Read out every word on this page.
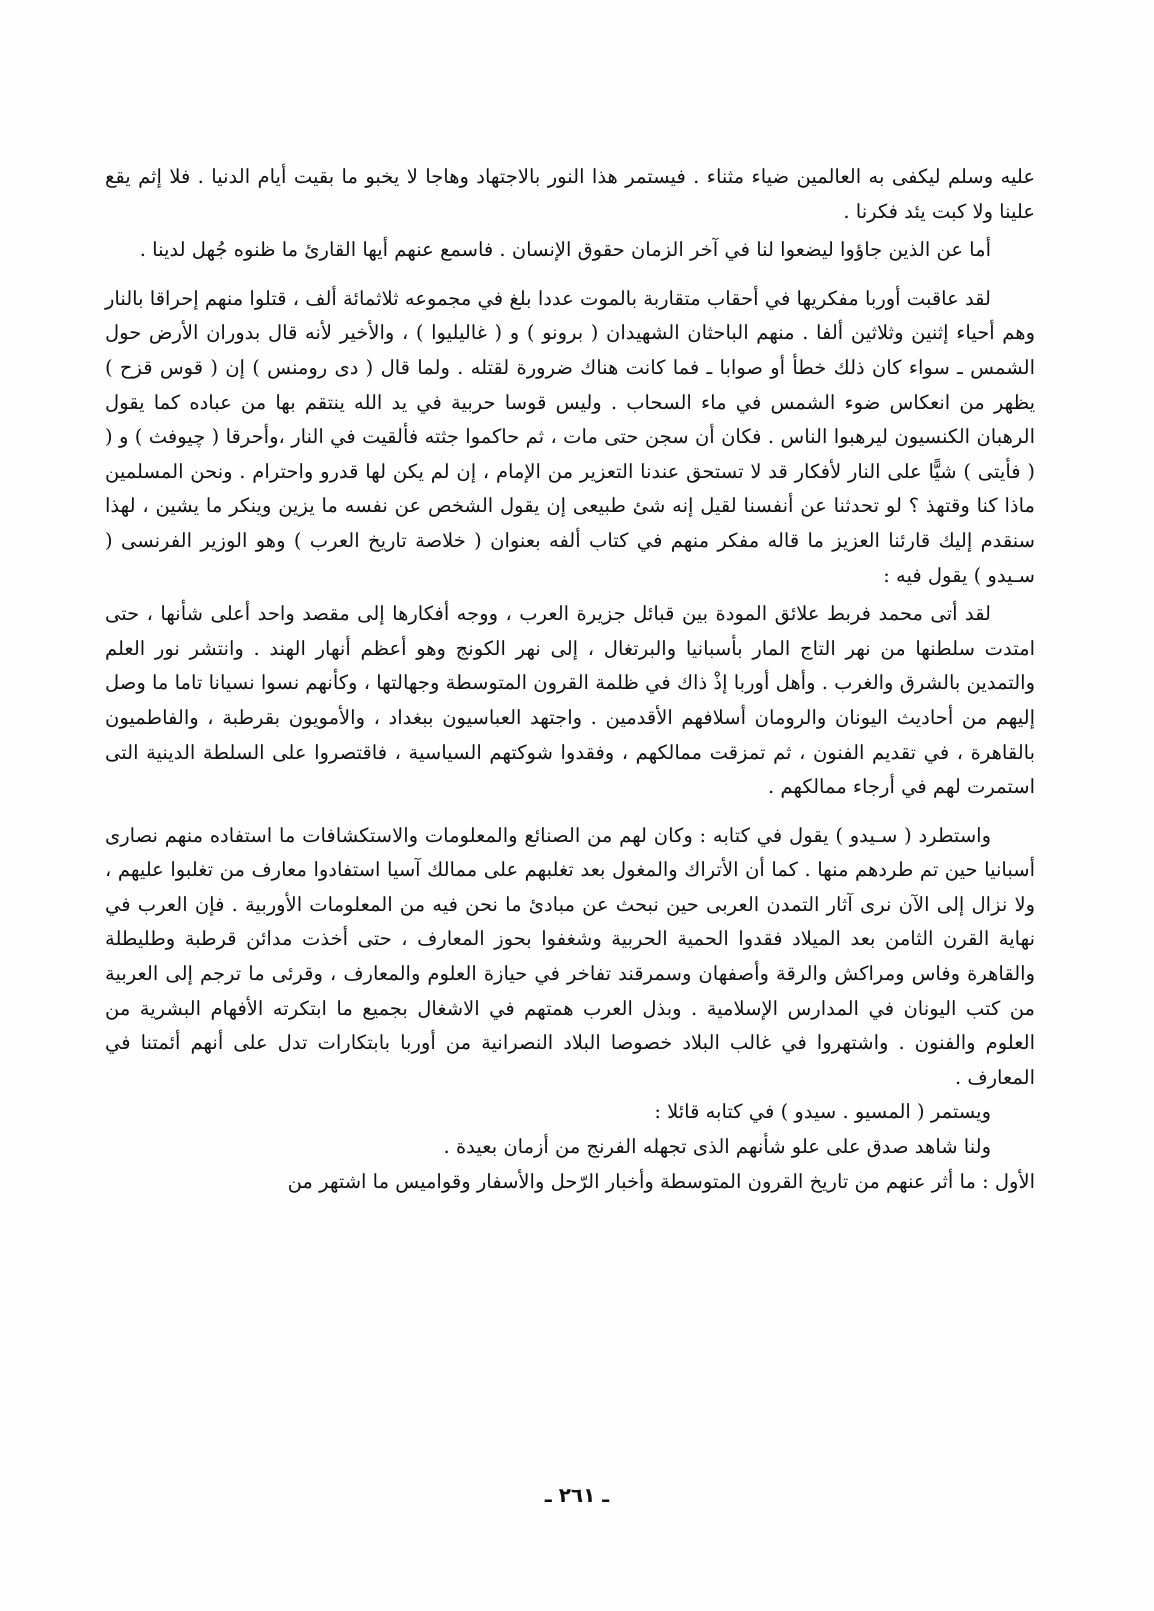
عليه وسلم ليكفى به العالمين ضياء مثناء . فيستمر هذا النور بالاجتهاد وهاجا لا يخبو ما بقيت أيام الدنيا . فلا إثم يقع علينا ولا كبت يئد فكرنا .

أما عن الذين جاؤوا ليضعوا لنا في آخر الزمان حقوق الإنسان . فاسمع عنهم أيها القارئ ما ظنوه جُهل لدينا .

لقد عاقبت أوربا مفكريها في أحقاب متقاربة بالموت عددا بلغ في مجموعه ثلاثمائة ألف ، قتلوا منهم إحراقا بالنار وهم أحياء إثنين وثلاثين ألفا . منهم الباحثان الشهيدان ( برونو ) و ( غاليليوا ) ، والأخير لأنه قال بدوران الأرض حول الشمس ـ سواء كان ذلك خطأ أو صوابا ـ فما كانت هناك ضرورة لقتله . ولما قال ( دى رومنس ) إن ( قوس قزح ) يظهر من انعكاس ضوء الشمس في ماء السحاب . وليس قوسا حربية في يد الله ينتقم بها من عباده كما يقول الرهبان الكنسيون ليرهبوا الناس . فكان أن سجن حتى مات ، ثم حاكموا جثته فألقيت في النار ،وأحرقا ( چيوفث ) و ( ( فأيتى ) شيًّا على النار لأفكار قد لا تستحق عندنا التعزير من الإمام ، إن لم يكن لها قدرو واحترام . ونحن المسلمين ماذا كنا وقتهذ ؟ لو تحدثنا عن أنفسنا لقيل إنه شئ طبيعى إن يقول الشخص عن نفسه ما يزين وينكر ما يشين ، لهذا سنقدم إليك قارئنا العزيز ما قاله مفكر منهم في كتاب ألفه بعنوان ( خلاصة تاريخ العرب ) وهو الوزير الفرنسى ( سـيدو ) يقول فيه :

لقد أتى محمد فربط علائق المودة بين قبائل جزيرة العرب ، ووجه أفكارها إلى مقصد واحد أعلى شأنها ، حتى امتدت سلطنها من نهر التاج المار بأسبانيا والبرتغال ، إلى نهر الكونج وهو أعظم أنهار الهند . وانتشر نور العلم والتمدين بالشرق والغرب . وأهل أوربا إذْ ذاك في ظلمة القرون المتوسطة وجهالتها ، وكأنهم نسوا نسيانا تاما ما وصل إليهم من أحاديث اليونان والرومان أسلافهم الأقدمين . واجتهد العباسيون ببغداد ، والأمويون بقرطبة ، والفاطميون بالقاهرة ، في تقديم الفنون ، ثم تمزقت ممالكهم ، وفقدوا شوكتهم السياسية ، فاقتصروا على السلطة الدينية التى استمرت لهم في أرجاء ممالكهم .

واستطرد ( سـيدو ) يقول في كتابه : وكان لهم من الصنائع والمعلومات والاستكشافات ما استفاده منهم نصارى أسبانيا حين تم طردهم منها . كما أن الأتراك والمغول بعد تغلبهم على ممالك آسيا استفادوا معارف من تغلبوا عليهم ، ولا نزال إلى الآن نرى آثار التمدن العربى حين نبحث عن مبادئ ما نحن فيه من المعلومات الأوربية . فإن العرب في نهاية القرن الثامن بعد الميلاد فقدوا الحمية الحربية وشغفوا بحوز المعارف ، حتى أخذت مدائن قرطبة وطليطلة والقاهرة وفاس ومراكش والرقة وأصفهان وسمرقند تفاخر في حيازة العلوم والمعارف ، وقرئى ما ترجم إلى العربية من كتب اليونان في المدارس الإسلامية . وبذل العرب همتهم في الاشغال بجميع ما ابتكرته الأفهام البشرية من العلوم والفنون . واشتهروا في غالب البلاد خصوصا البلاد النصرانية من أوربا بابتكارات تدل على أنهم أئمتنا في المعارف .

ويستمر ( المسيو . سيدو ) في كتابه قائلا :

ولنا شاهد صدق على علو شأنهم الذى تجهله الفرنج من أزمان بعيدة .

الأول : ما أثر عنهم من تاريخ القرون المتوسطة وأخبار الرّحل والأسفار وقواميس ما اشتهر من

ـ ٢٦١ ـ
